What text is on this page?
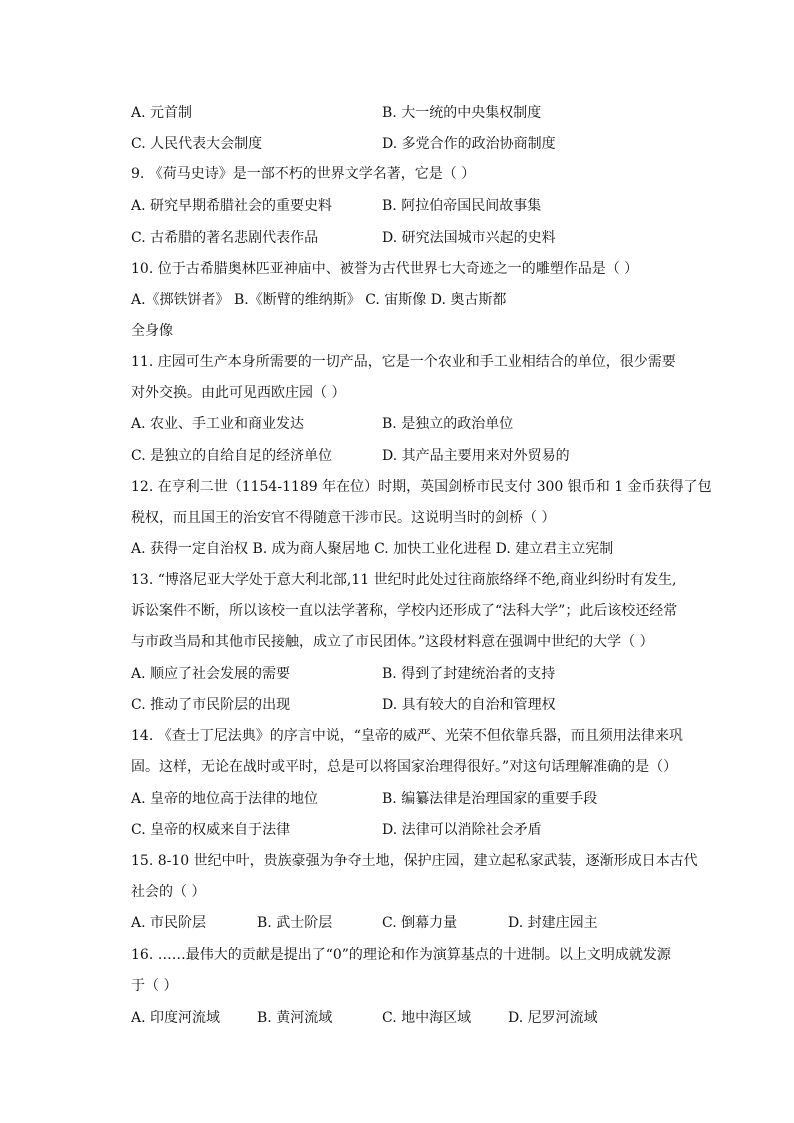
A. 元首制	B. 大一统的中央集权制度
C. 人民代表大会制度	D. 多党合作的政治协商制度
9. 《荷马史诗》是一部不朽的世界文学名著，它是（ ）
A. 研究早期希腊社会的重要史料	B. 阿拉伯帝国民间故事集
C. 古希腊的著名悲剧代表作品	D. 研究法国城市兴起的史料
10. 位于古希腊奥林匹亚神庙中、被誉为古代世界七大奇迹之一的雕塑作品是（ ）
A.《掷铁饼者》 B.《断臂的维纳斯》 C. 宙斯像 D. 奥古斯都
全身像
11. 庄园可生产本身所需要的一切产品，它是一个农业和手工业相结合的单位，很少需要
对外交换。由此可见西欧庄园（ ）
A. 农业、手工业和商业发达	B. 是独立的政治单位
C. 是独立的自给自足的经济单位	D. 其产品主要用来对外贸易的
12. 在亨利二世（1154-1189 年在位）时期，英国剑桥市民支付 300 银币和 1 金币获得了包
税权，而且国王的治安官不得随意干涉市民。这说明当时的剑桥（ ）
A. 获得一定自治权 B. 成为商人聚居地 C. 加快工业化进程 D. 建立君主立宪制
13. “博洛尼亚大学处于意大利北部,11 世纪时此处过往商旅络绎不绝,商业纠纷时有发生,
诉讼案件不断，所以该校一直以法学著称，学校内还形成了“法科大学”；此后该校还经常
与市政当局和其他市民接触，成立了市民团体。”这段材料意在强调中世纪的大学（ ）
A. 顺应了社会发展的需要	B. 得到了封建统治者的支持
C. 推动了市民阶层的出现	D. 具有较大的自治和管理权
14. 《查士丁尼法典》的序言中说，“皇帝的威严、光荣不但依靠兵器，而且须用法律来巩
固。这样，无论在战时或平时，总是可以将国家治理得很好。”对这句话理解准确的是（）
A. 皇帝的地位高于法律的地位	B. 编纂法律是治理国家的重要手段
C. 皇帝的权威来自于法律	D. 法律可以消除社会矛盾
15. 8-10 世纪中叶，贵族豪强为争夺土地，保护庄园，建立起私家武装，逐渐形成日本古代
社会的（ ）
A. 市民阶层	B. 武士阶层	C. 倒幕力量	D. 封建庄园主
16. ……最伟大的贡献是提出了“0”的理论和作为演算基点的十进制。以上文明成就发源
于（ ）
A. 印度河流域	B. 黄河流域	C. 地中海区域	D. 尼罗河流域
